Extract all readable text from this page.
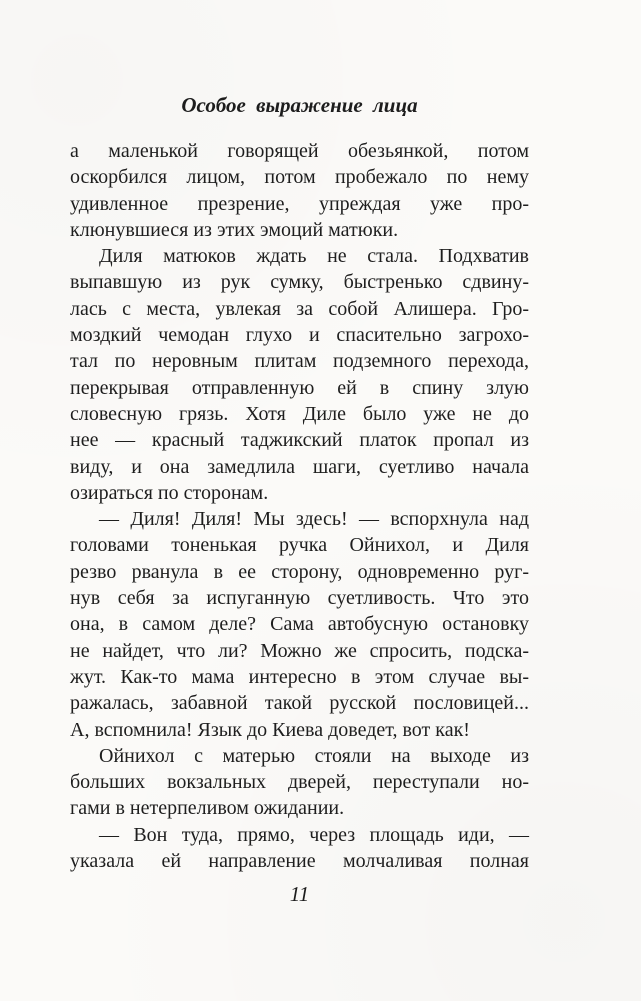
Особое выражение лица
а маленькой говорящей обезьянкой, потом
оскорбился лицом, потом пробежало по нему
удивленное презрение, упреждая уже про-
клюнувшиеся из этих эмоций матюки.
Диля матюков ждать не стала. Подхватив
выпавшую из рук сумку, быстренько сдвину-
лась с места, увлекая за собой Алишера. Гро-
моздкий чемодан глухо и спасительно загрохо-
тал по неровным плитам подземного перехода,
перекрывая отправленную ей в спину злую
словесную грязь. Хотя Диле было уже не до
нее — красный таджикский платок пропал из
виду, и она замедлила шаги, суетливо начала
озираться по сторонам.
— Диля! Диля! Мы здесь! — вспорхнула над
головами тоненькая ручка Ойнихол, и Диля
резво рванула в ее сторону, одновременно руг-
нув себя за испуганную суетливость. Что это
она, в самом деле? Сама автобусную остановку
не найдет, что ли? Можно же спросить, подска-
жут. Как-то мама интересно в этом случае вы-
ражалась, забавной такой русской пословицей...
А, вспомнила! Язык до Киева доведет, вот как!
Ойнихол с матерью стояли на выходе из
больших вокзальных дверей, переступали но-
гами в нетерпеливом ожидании.
— Вон туда, прямо, через площадь иди, —
указала ей направление молчаливая полная
11
